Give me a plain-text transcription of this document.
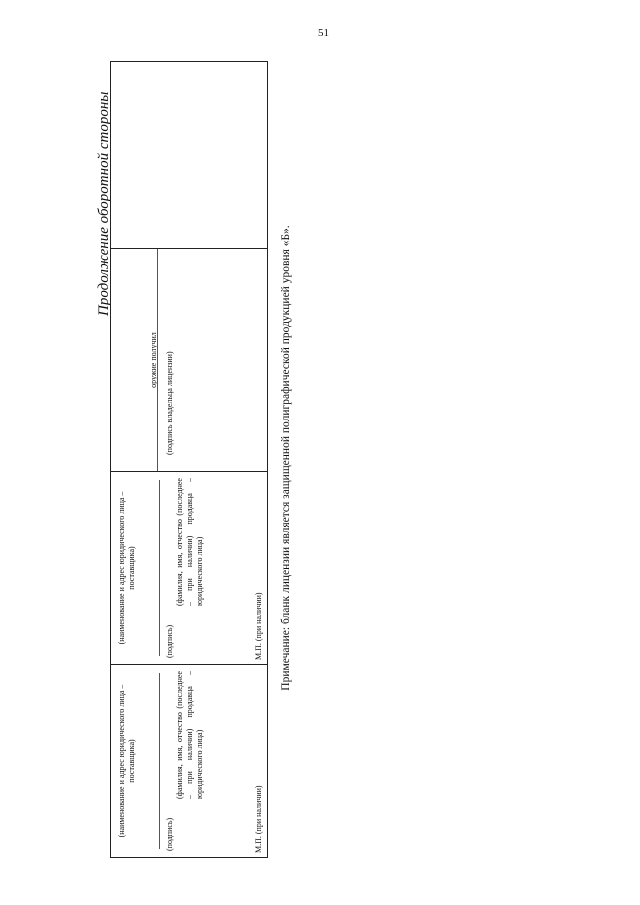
51
Продолжение оборотной стороны
(наименование и адрес юридического лица – поставщика)
(подпись)
(фамилия, имя, отчество (последнее – при наличии) продавца – юридического лица)
М.П. (при наличии)

(наименование и адрес юридического лица – поставщика)
(подпись)
(фамилия, имя, отчество (последнее – при наличии) продавца – юридического лица)
М.П. (при наличии)

оружие получил (подпись владельца лицензии)
		Примечание: бланк лицензии является защищенной полиграфической продукцией уровня «Б».
